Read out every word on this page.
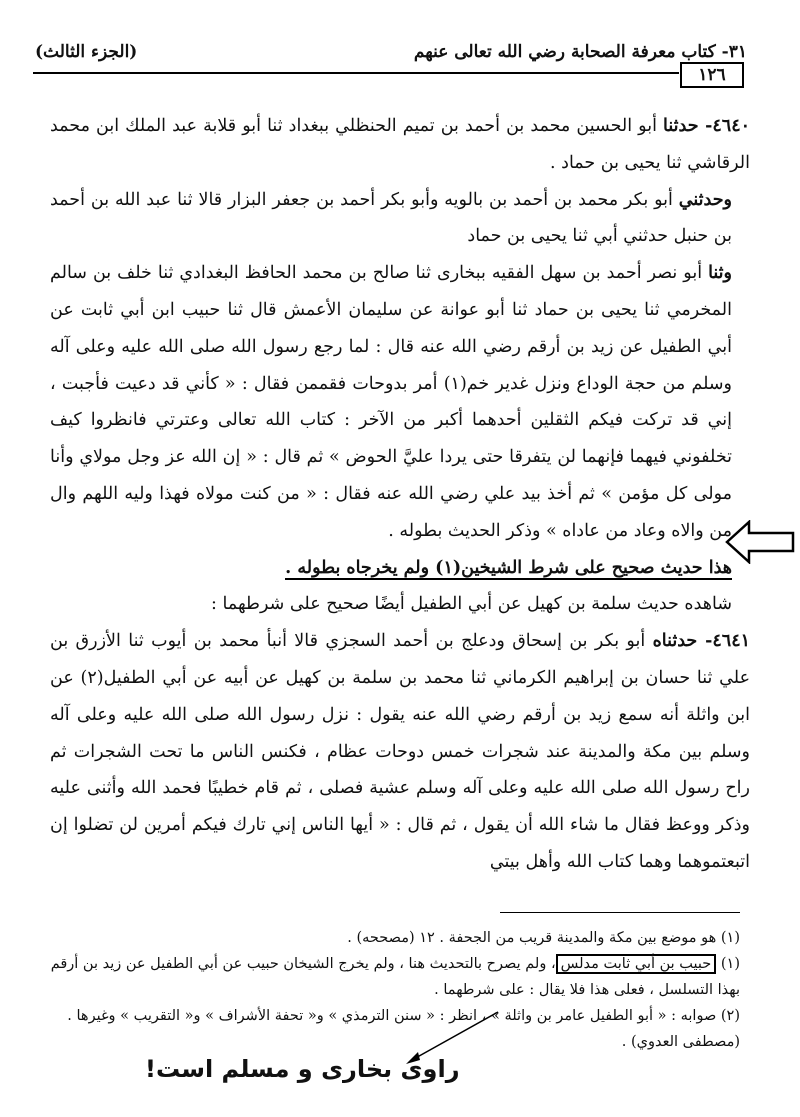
٣١- كتاب معرفة الصحابة رضي الله تعالى عنهم
(الجزء الثالث)
١٢٦

٤٦٤٠- حدثنا أبو الحسين محمد بن أحمد بن تميم الحنظلي ببغداد ثنا أبو قلابة عبد الملك ابن محمد الرقاشي ثنا يحيى بن حماد .

وحدثني أبو بكر محمد بن أحمد بن بالويه وأبو بكر أحمد بن جعفر البزار قالا ثنا عبد الله بن أحمد بن حنبل حدثني أبي ثنا يحيى بن حماد

وثنا أبو نصر أحمد بن سهل الفقيه ببخارى ثنا صالح بن محمد الحافظ البغدادي ثنا خلف بن سالم المخرمي ثنا يحيى بن حماد ثنا أبو عوانة عن سليمان الأعمش قال ثنا حبيب ابن أبي ثابت عن أبي الطفيل عن زيد بن أرقم رضي الله عنه قال : لما رجع رسول الله صلى الله عليه وعلى آله وسلم من حجة الوداع ونزل غدير خم(١) أمر بدوحات فقممن فقال : « كأني قد دعيت فأجبت ، إني قد تركت فيكم الثقلين أحدهما أكبر من الآخر : كتاب الله تعالى وعترتي فانظروا كيف تخلفوني فيهما فإنهما لن يتفرقا حتى يردا عليَّ الحوض » ثم قال : « إن الله عز وجل مولاي وأنا مولى كل مؤمن » ثم أخذ بيد علي رضي الله عنه فقال : « من كنت مولاه فهذا وليه اللهم وال من والاه وعاد من عاداه » وذكر الحديث بطوله .

هذا حديث صحيح على شرط الشيخين(١) ولم يخرجاه بطوله .

شاهده حديث سلمة بن كهيل عن أبي الطفيل أيضًا صحيح على شرطهما :

٤٦٤١- حدثناه أبو بكر بن إسحاق ودعلج بن أحمد السجزي قالا أنبأ محمد بن أيوب ثنا الأزرق بن علي ثنا حسان بن إبراهيم الكرماني ثنا محمد بن سلمة بن كهيل عن أبيه عن أبي الطفيل(٢) عن ابن واثلة أنه سمع زيد بن أرقم رضي الله عنه يقول : نزل رسول الله صلى الله عليه وعلى آله وسلم بين مكة والمدينة عند شجرات خمس دوحات عظام ، فكنس الناس ما تحت الشجرات ثم راح رسول الله صلى الله عليه وعلى آله وسلم عشية فصلى ، ثم قام خطيبًا فحمد الله وأثنى عليه وذكر ووعظ فقال ما شاء الله أن يقول ، ثم قال : « أيها الناس إني تارك فيكم أمرين لن تضلوا إن اتبعتموهما وهما كتاب الله وأهل بيتي

(١) هو موضع بين مكة والمدينة قريب من الجحفة . ١٢ (مصححه) .

(١) حبيب بن أبي ثابت مدلس، ولم يصرح بالتحديث هنا ، ولم يخرج الشيخان حبيب عن أبي الطفيل عن زيد بن أرقم بهذا التسلسل ، فعلى هذا فلا يقال : على شرطهما .

(٢) صوابه : « أبو الطفيل عامر بن واثلة » ، انظر : « سنن الترمذي » و« تحفة الأشراف » و« التقريب » وغيرها . (مصطفى العدوي) .

راوی بخاری و مسلم است!
